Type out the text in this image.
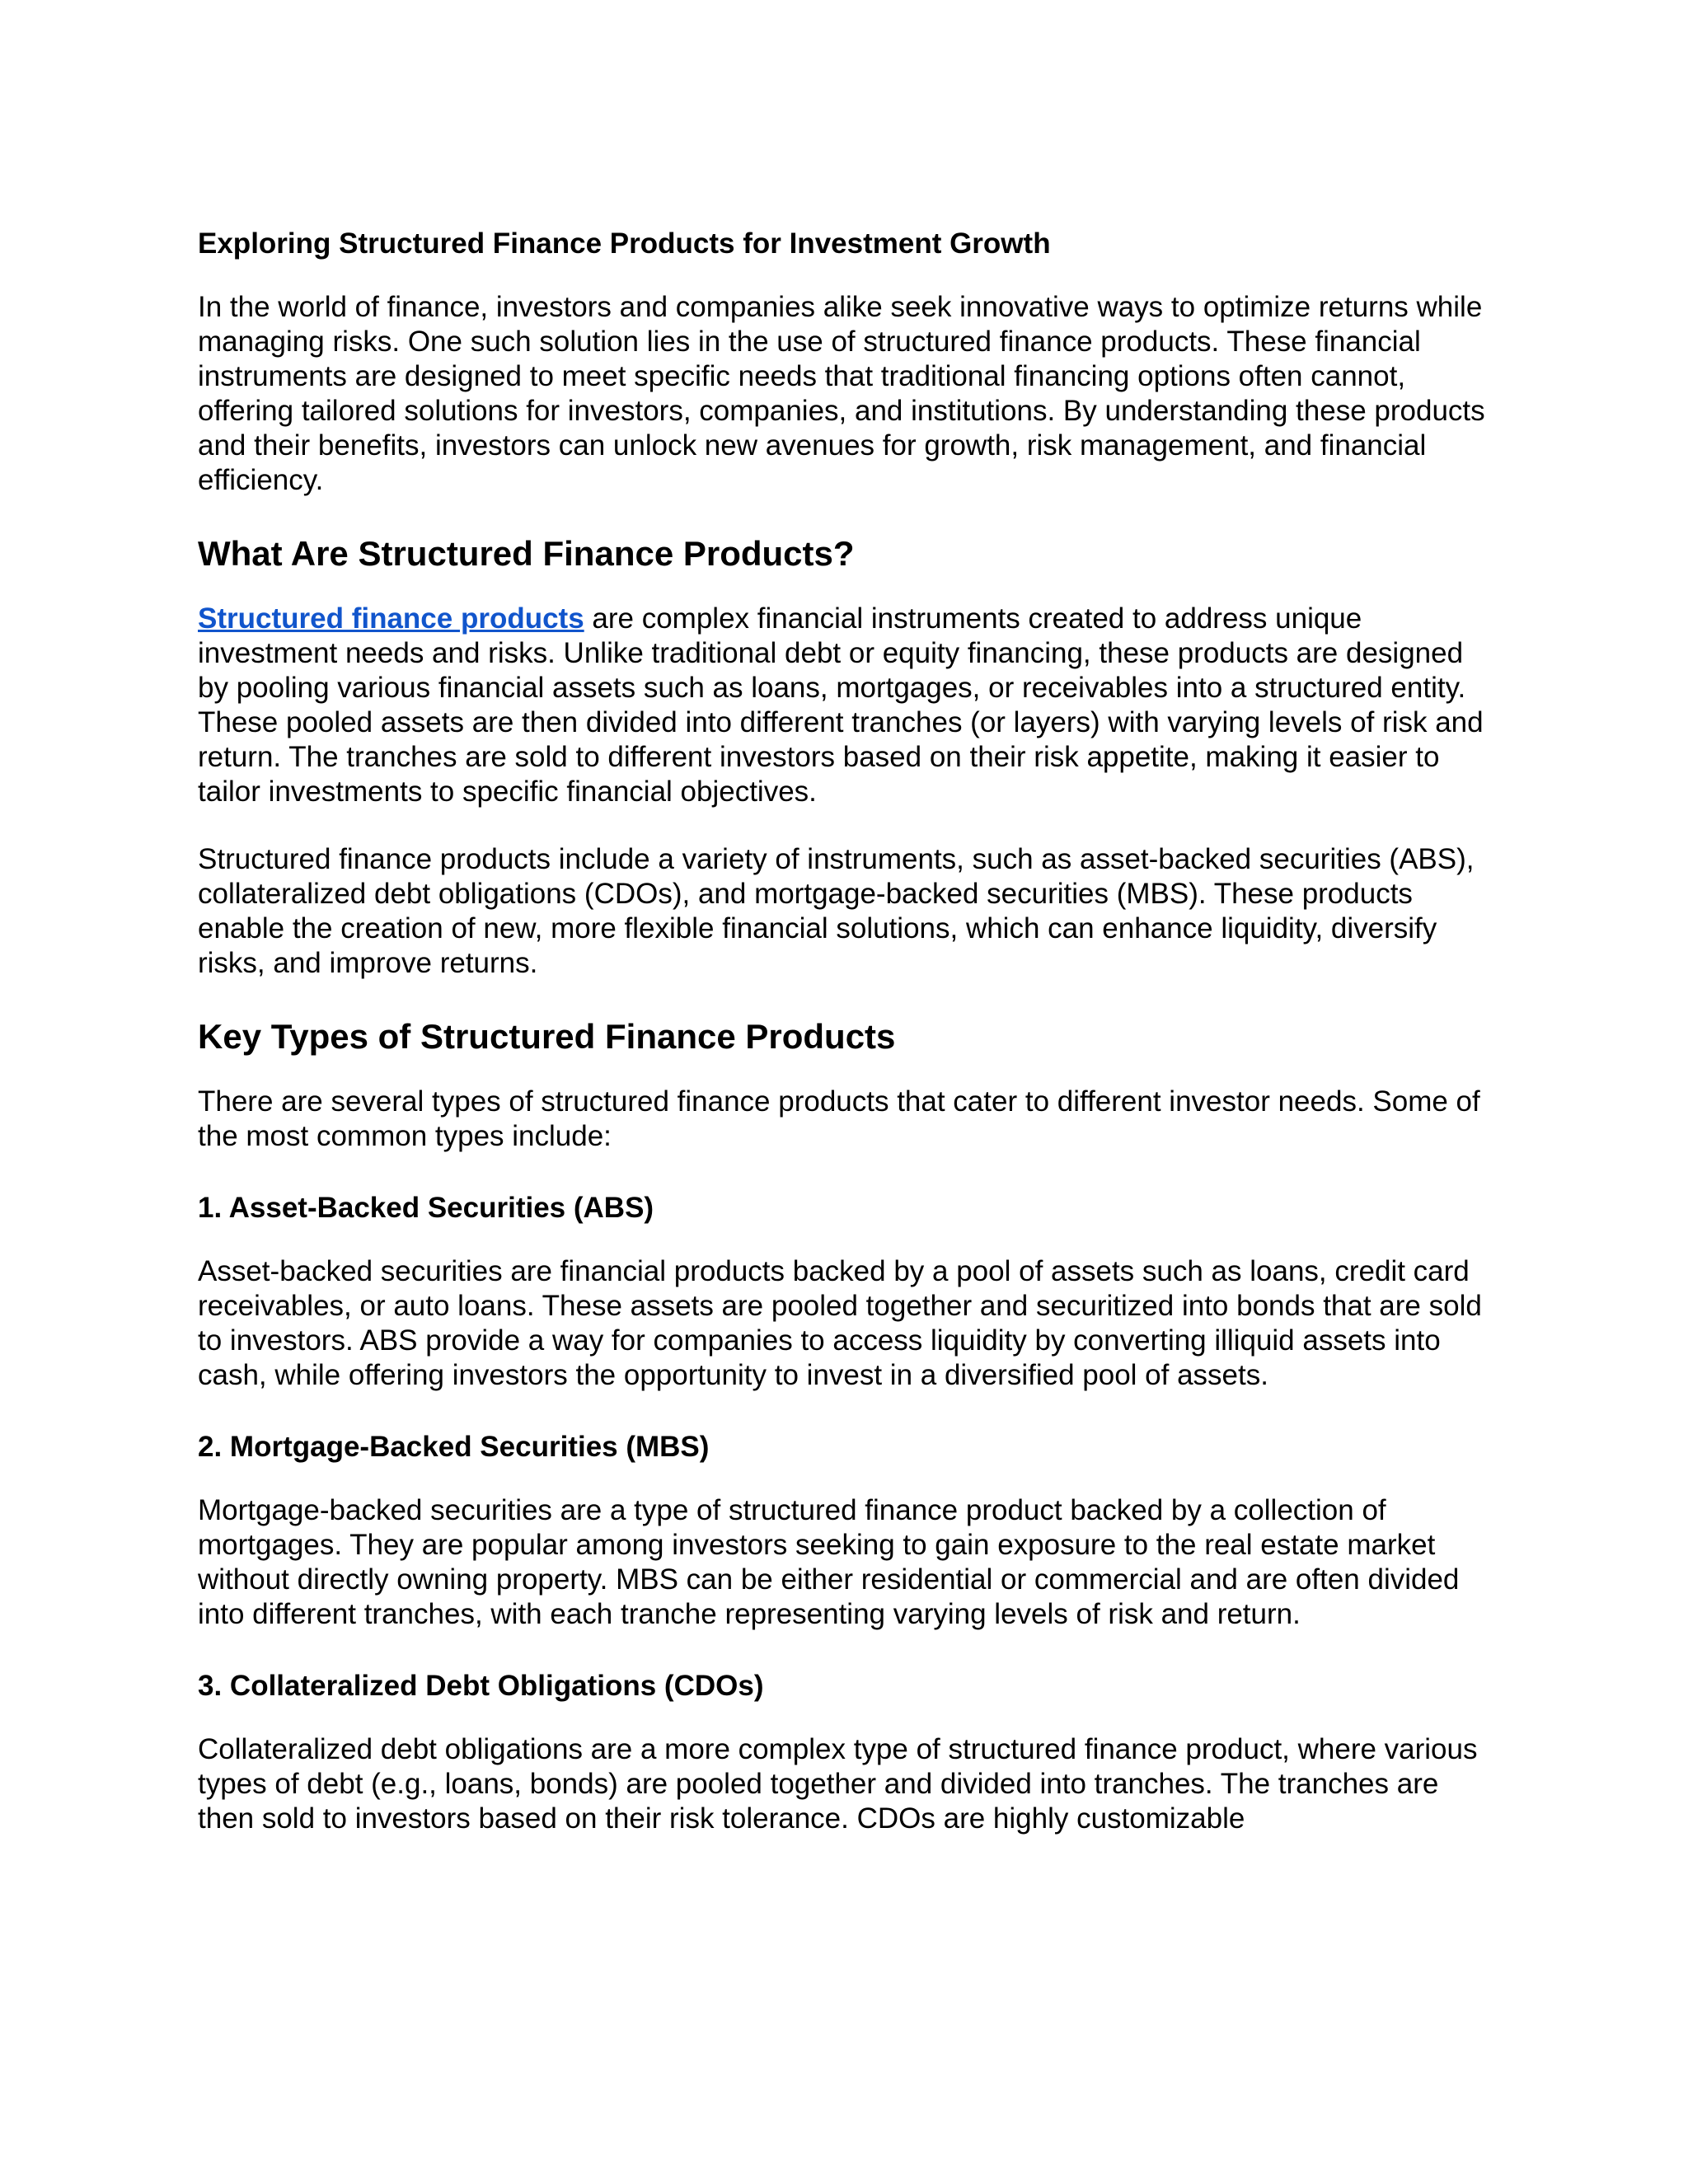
Exploring Structured Finance Products for Investment Growth

In the world of finance, investors and companies alike seek innovative ways to optimize returns while managing risks. One such solution lies in the use of structured finance products. These financial instruments are designed to meet specific needs that traditional financing options often cannot, offering tailored solutions for investors, companies, and institutions. By understanding these products and their benefits, investors can unlock new avenues for growth, risk management, and financial efficiency.

What Are Structured Finance Products?

Structured finance products are complex financial instruments created to address unique investment needs and risks. Unlike traditional debt or equity financing, these products are designed by pooling various financial assets such as loans, mortgages, or receivables into a structured entity. These pooled assets are then divided into different tranches (or layers) with varying levels of risk and return. The tranches are sold to different investors based on their risk appetite, making it easier to tailor investments to specific financial objectives.

Structured finance products include a variety of instruments, such as asset-backed securities (ABS), collateralized debt obligations (CDOs), and mortgage-backed securities (MBS). These products enable the creation of new, more flexible financial solutions, which can enhance liquidity, diversify risks, and improve returns.

Key Types of Structured Finance Products

There are several types of structured finance products that cater to different investor needs. Some of the most common types include:

1. Asset-Backed Securities (ABS)

Asset-backed securities are financial products backed by a pool of assets such as loans, credit card receivables, or auto loans. These assets are pooled together and securitized into bonds that are sold to investors. ABS provide a way for companies to access liquidity by converting illiquid assets into cash, while offering investors the opportunity to invest in a diversified pool of assets.

2. Mortgage-Backed Securities (MBS)

Mortgage-backed securities are a type of structured finance product backed by a collection of mortgages. They are popular among investors seeking to gain exposure to the real estate market without directly owning property. MBS can be either residential or commercial and are often divided into different tranches, with each tranche representing varying levels of risk and return.

3. Collateralized Debt Obligations (CDOs)

Collateralized debt obligations are a more complex type of structured finance product, where various types of debt (e.g., loans, bonds) are pooled together and divided into tranches. The tranches are then sold to investors based on their risk tolerance. CDOs are highly customizable
